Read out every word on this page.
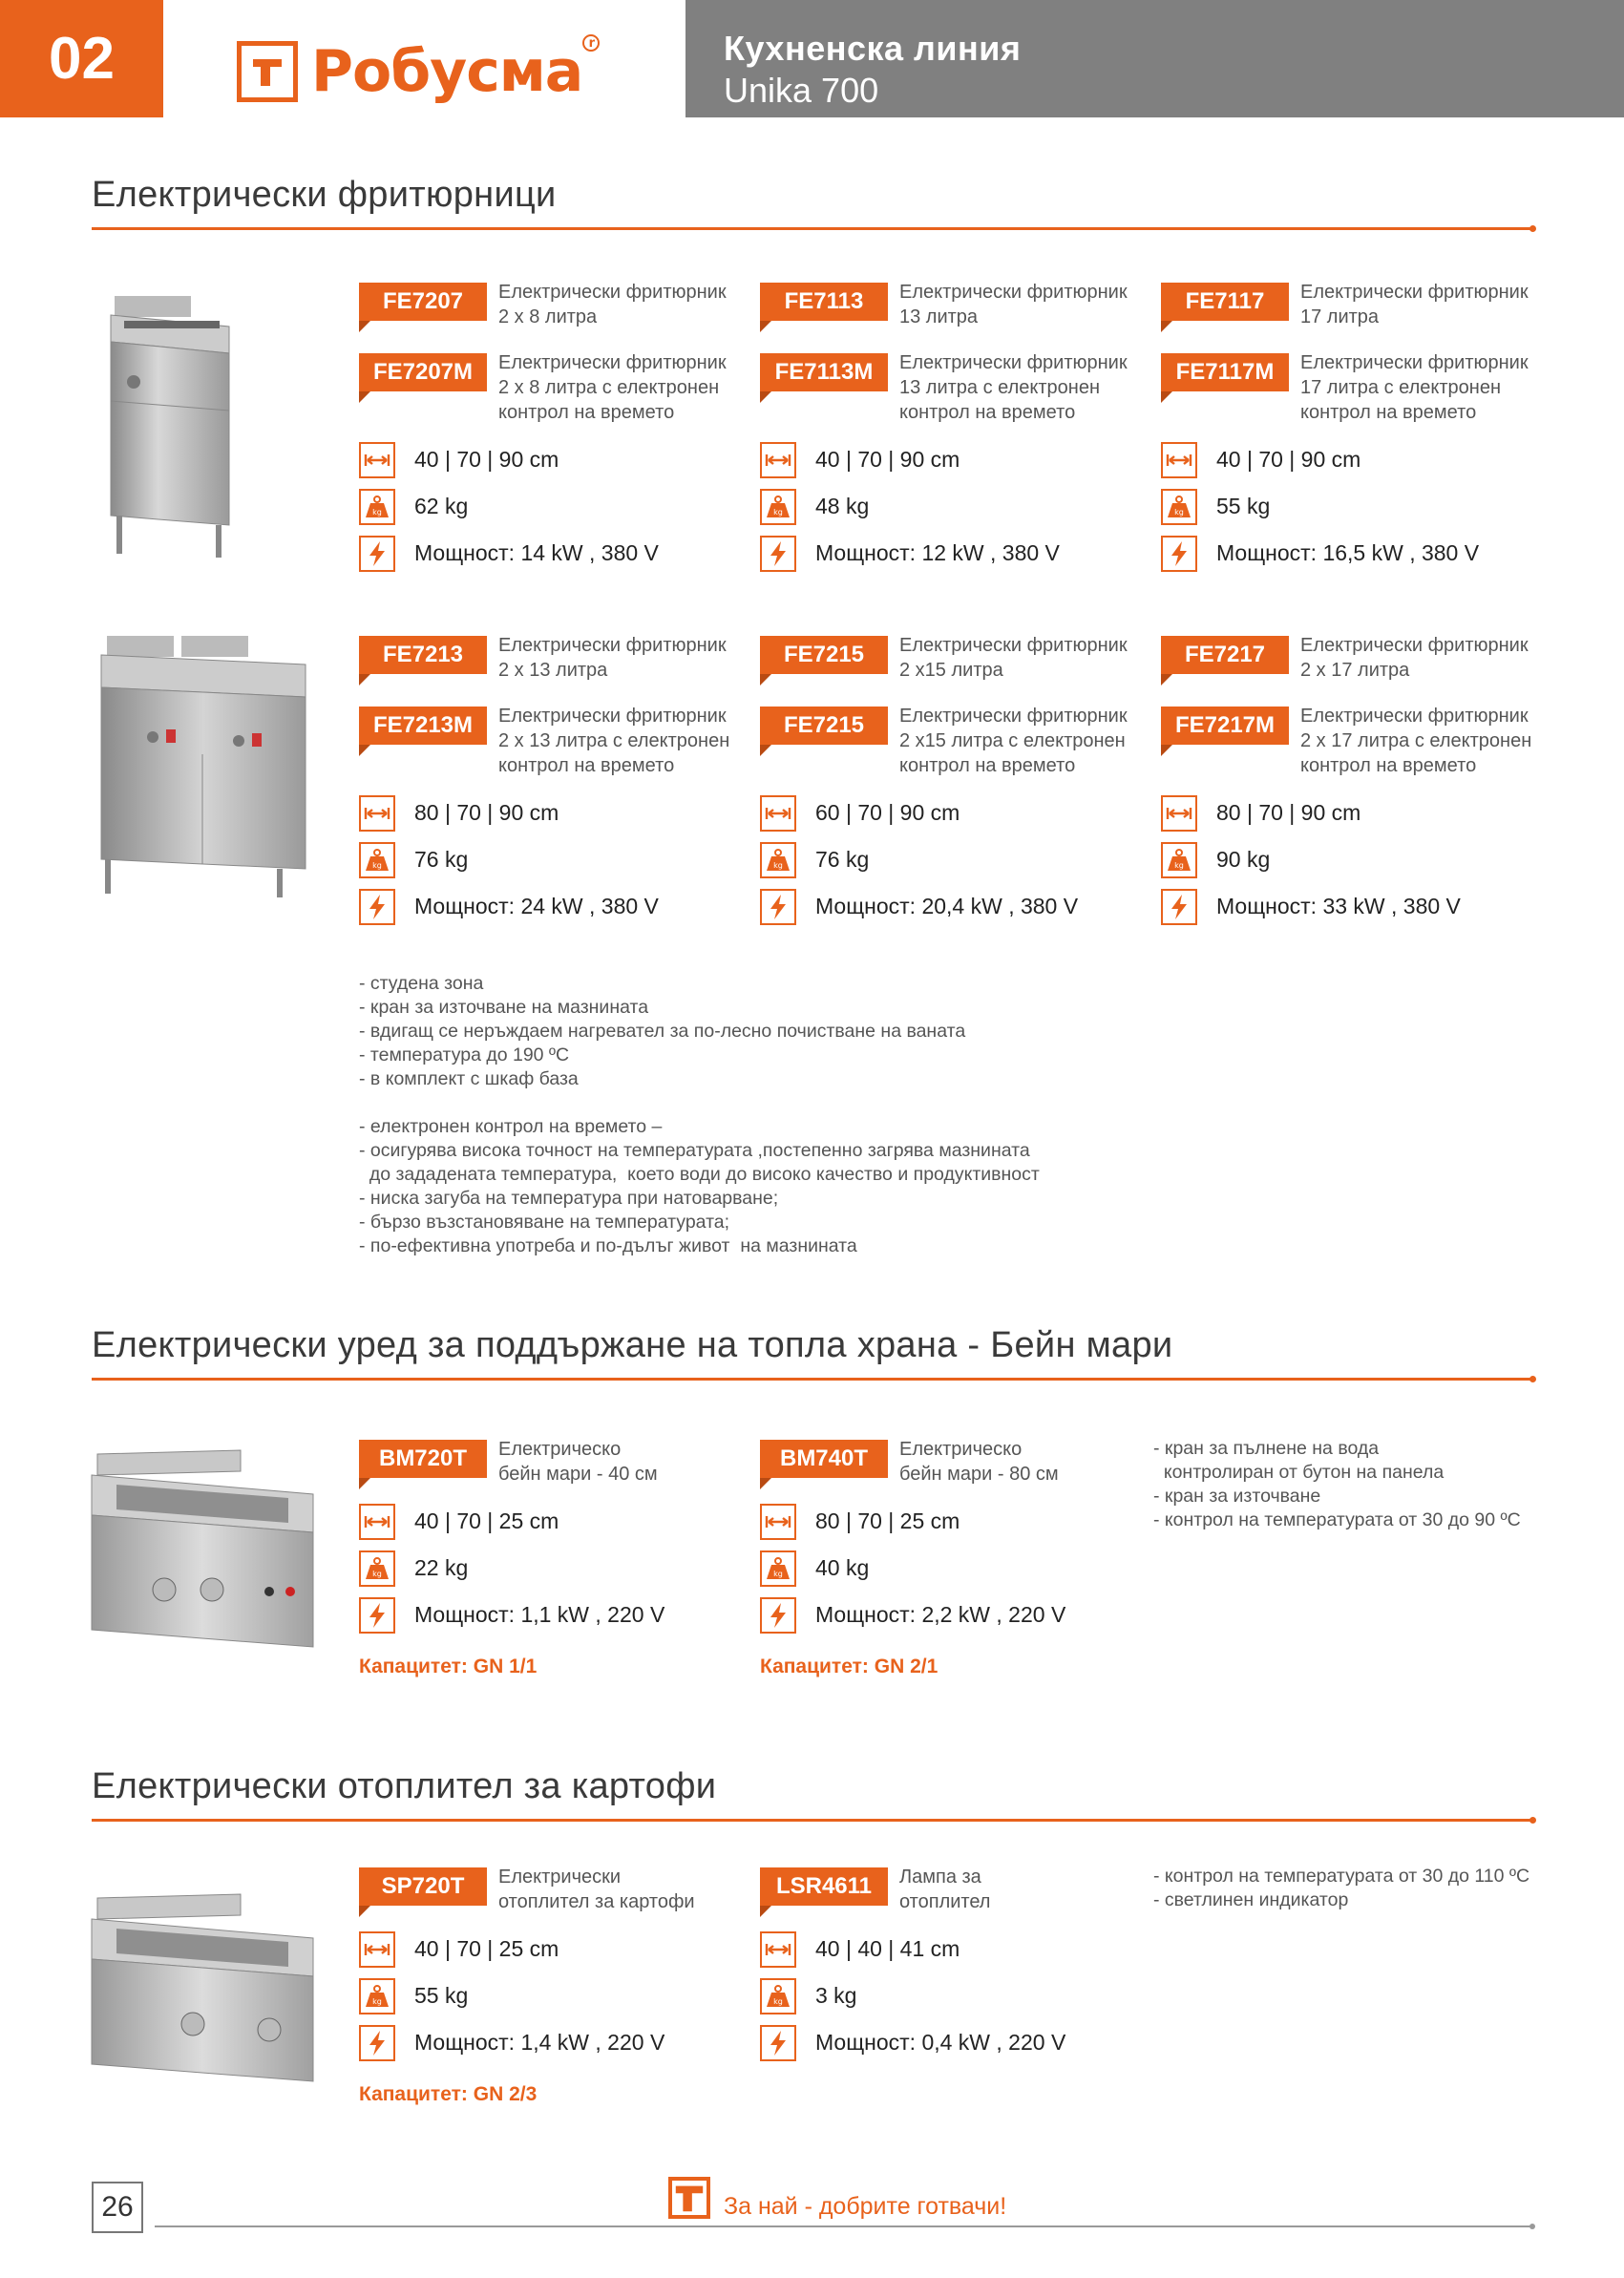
02	Робусма r	Кухненска линия
Unika 700
Електрически фритюрници
FE7207	Електрически фритюрник
2 x 8 литра
FE7207M	Електрически фритюрник
2 x 8 литра с електронен
контрол на времето
40 | 70 | 90 cm
kg 62 kg
Мощност: 14 kW , 380 V
FE7113	Електрически фритюрник
13 литра
FE7113M	Електрически фритюрник
13 литра с електронен
контрол на времето
40 | 70 | 90 cm
kg 48 kg
Мощност: 12 kW , 380 V
FE7117	Електрически фритюрник
17 литра
FE7117M	Електрически фритюрник
17 литра с електронен
контрол на времето
40 | 70 | 90 cm
kg 55 kg
Мощност: 16,5 kW , 380 V
FE7213	Електрически фритюрник
2 x 13 литра
FE7213M	Електрически фритюрник
2 x 13 литра с електронен
контрол на времето
80 | 70 | 90 cm
kg 76 kg
Мощност: 24 kW , 380 V
FE7215	Електрически фритюрник
2 x15 литра
FE7215	Електрически фритюрник
2 x15 литра с електронен
контрол на времето
60 | 70 | 90 cm
kg 76 kg
Мощност: 20,4 kW , 380 V
FE7217	Електрически фритюрник
2 x 17 литра
FE7217M	Електрически фритюрник
2 x 17 литра с електронен
контрол на времето
80 | 70 | 90 cm
kg 90 kg
Мощност: 33 kW , 380 V
- студена зона
- кран за източване на мазнината
- вдигащ се неръждаем нагревател за по-лесно почистване на ваната
- температура до 190 ºС
- в комплект с шкаф база
- електронен контрол на времето –
- осигурява висока точност на температурата ,постепенно загрява мазнината
до зададената температура,  което води до високо качество и продуктивност
- ниска загуба на температура при натоварване;
- бързо възстановяване на температурата;
- по-ефективна употреба и по-дълъг живот  на мазнината
Електрически уред за поддържане на топла храна - Бейн мари
BM720T	Електрическо
бейн мари - 40 см
40 | 70 | 25 cm
kg 22 kg
Мощност: 1,1 kW , 220 V
Капацитет: GN 1/1
BM740T	Електрическо
бейн мари - 80 см
80 | 70 | 25 cm
kg 40 kg
Мощност: 2,2 kW , 220 V
Капацитет: GN 2/1
- кран за пълнене на вода
контролиран от бутон на панела
- кран за източване
- контрол на температурата от 30 до 90 ºС
Електрически отоплител за картофи
SP720T	Електрически
отоплител за картофи
40 | 70 | 25 cm
kg 55 kg
Мощност: 1,4 kW , 220 V
Капацитет: GN 2/3
LSR4611	Лампа за
отоплител
40 | 40 | 41 cm
kg 3 kg
Мощност: 0,4 kW , 220 V
- контрол на температурата от 30 до 110 ºС
- светлинен индикатор
26	За най - добрите готвачи!
